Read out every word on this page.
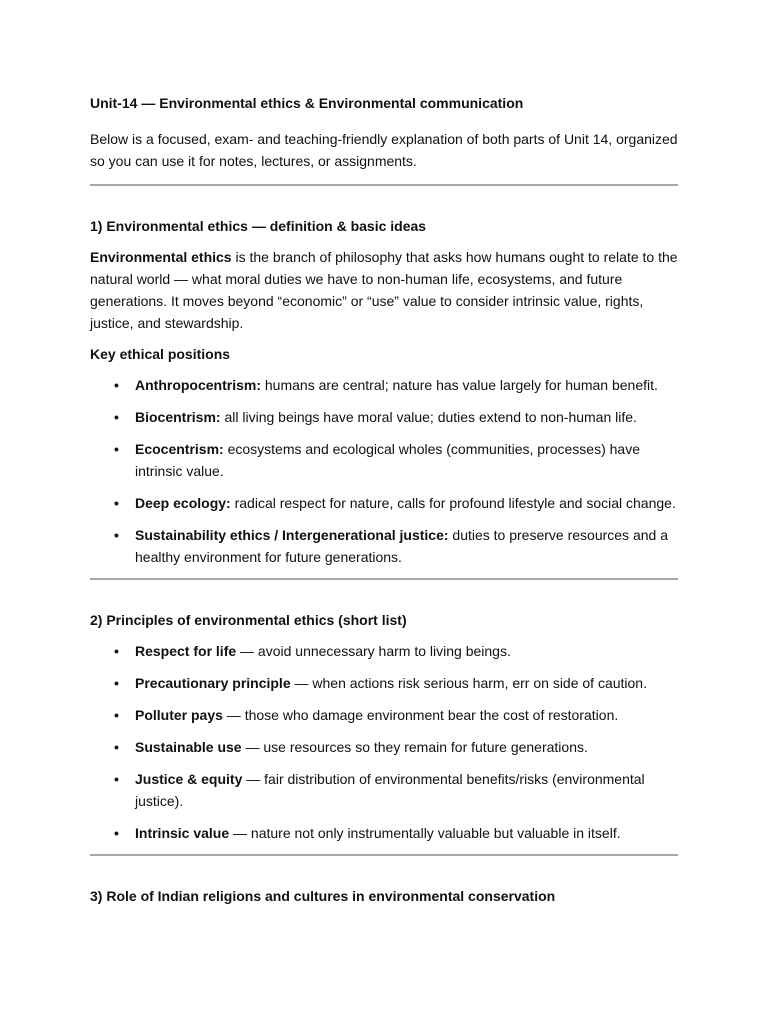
Unit-14 — Environmental ethics & Environmental communication

Below is a focused, exam- and teaching-friendly explanation of both parts of Unit 14, organized so you can use it for notes, lectures, or assignments.

1) Environmental ethics — definition & basic ideas

Environmental ethics is the branch of philosophy that asks how humans ought to relate to the natural world — what moral duties we have to non-human life, ecosystems, and future generations. It moves beyond “economic” or “use” value to consider intrinsic value, rights, justice, and stewardship.

Key ethical positions
• Anthropocentrism: humans are central; nature has value largely for human benefit.
• Biocentrism: all living beings have moral value; duties extend to non-human life.
• Ecocentrism: ecosystems and ecological wholes (communities, processes) have intrinsic value.
• Deep ecology: radical respect for nature, calls for profound lifestyle and social change.
• Sustainability ethics / Intergenerational justice: duties to preserve resources and a healthy environment for future generations.
2) Principles of environmental ethics (short list)
• Respect for life — avoid unnecessary harm to living beings.
• Precautionary principle — when actions risk serious harm, err on side of caution.
• Polluter pays — those who damage environment bear the cost of restoration.
• Sustainable use — use resources so they remain for future generations.
• Justice & equity — fair distribution of environmental benefits/risks (environmental justice).
• Intrinsic value — nature not only instrumentally valuable but valuable in itself.
3) Role of Indian religions and cultures in environmental conservation
